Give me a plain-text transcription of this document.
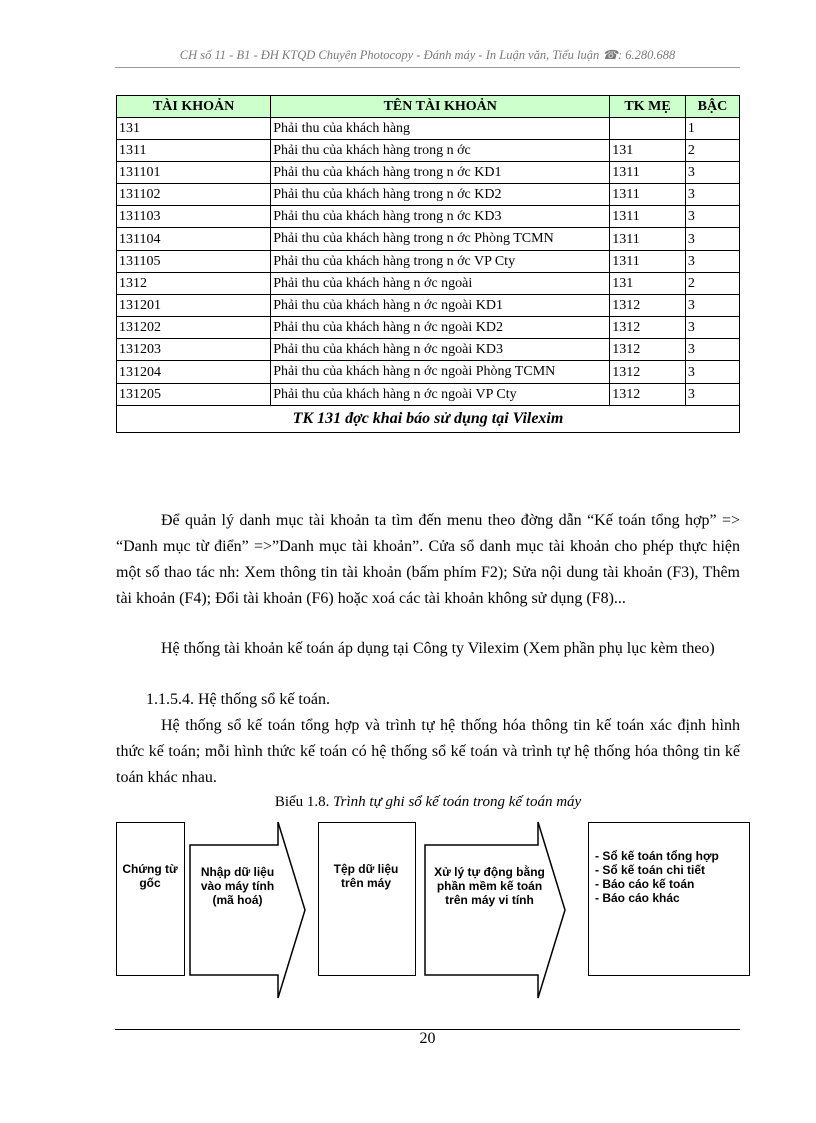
CH số 11 - B1 - ĐH KTQD Chuyên Photocopy - Đánh máy - In Luận văn, Tiểu luận ☎: 6.280.688
TÀI KHOẢN	TÊN TÀI KHOẢN	TK MẸ	BẬC
131	Phải thu của khách hàng		1
1311	Phải thu của khách hàng trong n ớc	131	2
131101	Phải thu của khách hàng trong n ớc KD1	1311	3
131102	Phải thu của khách hàng trong n ớc KD2	1311	3
131103	Phải thu của khách hàng trong n ớc KD3	1311	3
131104	Phải thu của khách hàng trong n ớc Phòng TCMN	1311	3
131105	Phải thu của khách hàng trong n ớc VP Cty	1311	3
1312	Phải thu của khách hàng n ớc ngoài	131	2
131201	Phải thu của khách hàng n ớc ngoài KD1	1312	3
131202	Phải thu của khách hàng n ớc ngoài KD2	1312	3
131203	Phải thu của khách hàng n ớc ngoài KD3	1312	3
131204	Phải thu của khách hàng n ớc ngoài Phòng TCMN	1312	3
131205	Phải thu của khách hàng n ớc ngoài VP Cty	1312	3
TK 131 đợc khai báo sử dụng tại Vilexim			
Để quản lý danh mục tài khoản ta tìm đến menu theo đờng dẫn “Kế toán tổng hợp” => “Danh mục từ điển” =>”Danh mục tài khoản”. Cửa sổ danh mục tài khoản cho phép thực hiện một số thao tác nh: Xem thông tin tài khoản (bấm phím F2); Sửa nội dung tài khoản (F3), Thêm tài khoản (F4); Đổi tài khoản (F6) hoặc xoá các tài khoản không sử dụng (F8)...
Hệ thống tài khoản kế toán áp dụng tại Công ty Vilexim (Xem phần phụ lục kèm theo)
1.1.5.4. Hệ thống sổ kế toán.
Hệ thống sổ kế toán tổng hợp và trình tự hệ thống hóa thông tin kế toán xác định hình thức kế toán; mỗi hình thức kế toán có hệ thống sổ kế toán và trình tự hệ thống hóa thông tin kế toán khác nhau.
Biểu 1.8. Trình tự ghi sổ kế toán trong kế toán máy
Chứng từ gốc
Nhập dữ liệu vào máy tính (mã hoá)
Tệp dữ liệu trên máy
Xử lý tự động bằng phần mềm kế toán trên máy vi tính
- Sổ kế toán tổng hợp
- Sổ kế toán chi tiết
- Báo cáo kế toán
- Báo cáo khác
20
